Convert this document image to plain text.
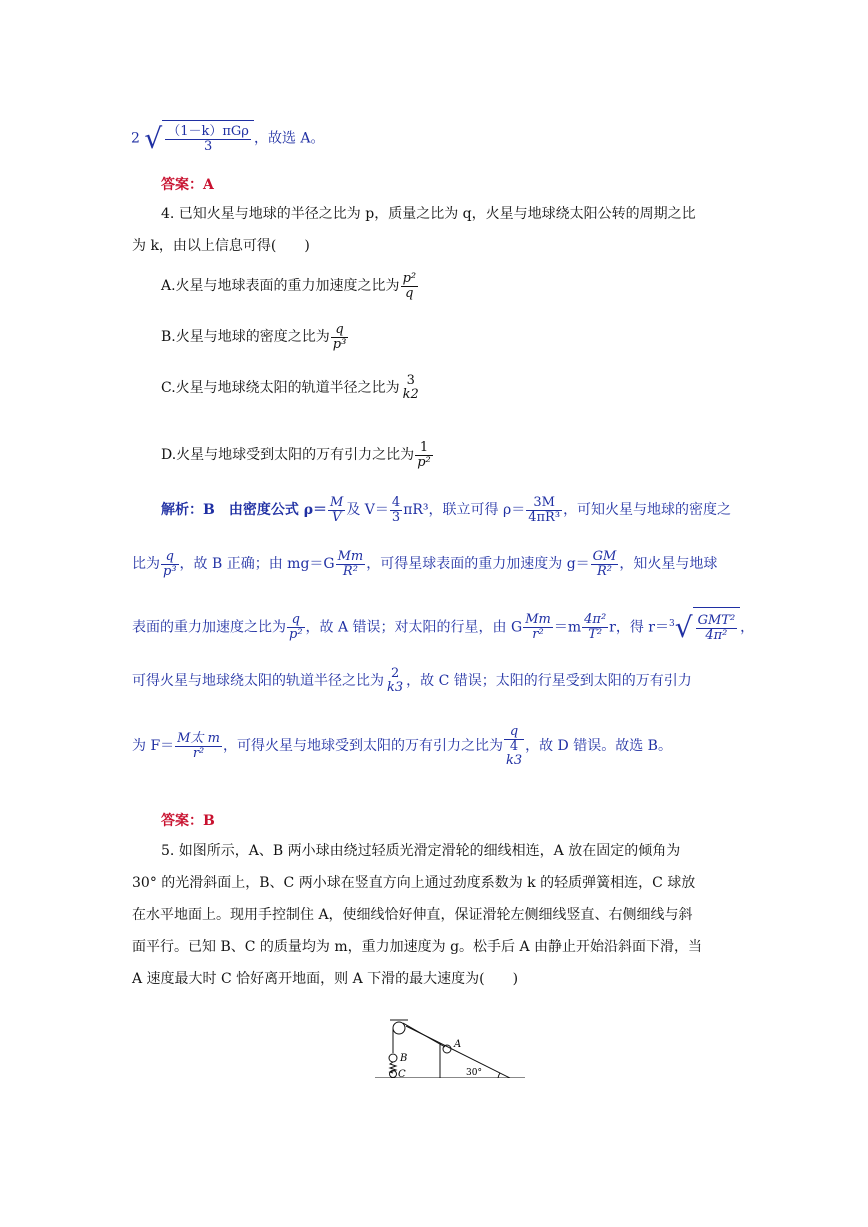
2 √ $\frac{\text{（1－k）πGρ}}{3}$ ，故选 A。
答案：A
4. 已知火星与地球的半径之比为 p，质量之比为 q，火星与地球绕太阳公转的周期之比
为 k，由以上信息可得(　　)
A.火星与地球表面的重力加速度之比为 $\frac{\text{p²}}{q}$
B.火星与地球的密度之比为 $\frac{q}{\text{p³}}$
C.火星与地球绕太阳的轨道半径之比为 3
k2
D.火星与地球受到太阳的万有引力之比为 $\frac{1}{\text{p²}}$
解析：B　由密度公式 $\rho= \frac{M}{V}$ 及 $V= \frac{4}{3} \pi R^3$，联立可得 $\rho= \frac{3M}{\text{4πR³}}$ ，可知火星与地球的密度之
比为 $\frac{q}{\text{p³}}$ ，故 B 正确；由 $mg=G \frac{Mm}{\text{R²}}$ ，可得星球表面的重力加速度为 $g= \frac{GM}{\text{R²}}$ ，知火星与地球
表面的重力加速度之比为 $\frac{q}{\text{p²}}$ ，故 A 错误；对太阳的行星，由 G $\frac{Mm}{\text{r²}} =m \frac{\text{4π²}}{\text{T²}}$ r，得 $r=^3√ \frac{\text{GMT²}}{\text{4π²}}$ ，
可得火星与地球绕太阳的轨道半径之比为 2
k3 ，故 C 错误；太阳的行星受到太阳的万有引力
为 $F= \frac{\text{M太 m}}{\text{r²}}$ ，可得火星与地球受到太阳的万有引力之比为
q
4
k3
，故 D 错误。故选 B。
答案：B
5. 如图所示，A、B 两小球由绕过轻质光滑定滑轮的细线相连，A 放在固定的倾角为
30° 的光滑斜面上，B、C 两小球在竖直方向上通过劲度系数为 k 的轻质弹簧相连，C 球放
在水平地面上。现用手控制住 A，使细线恰好伸直，保证滑轮左侧细线竖直、右侧细线与斜
面平行。已知 B、C 的质量均为 m，重力加速度为 g。松手后 A 由静止开始沿斜面下滑，当
A 速度最大时 C 恰好离开地面，则 A 下滑的最大速度为(　　)
A
B
C	30°
